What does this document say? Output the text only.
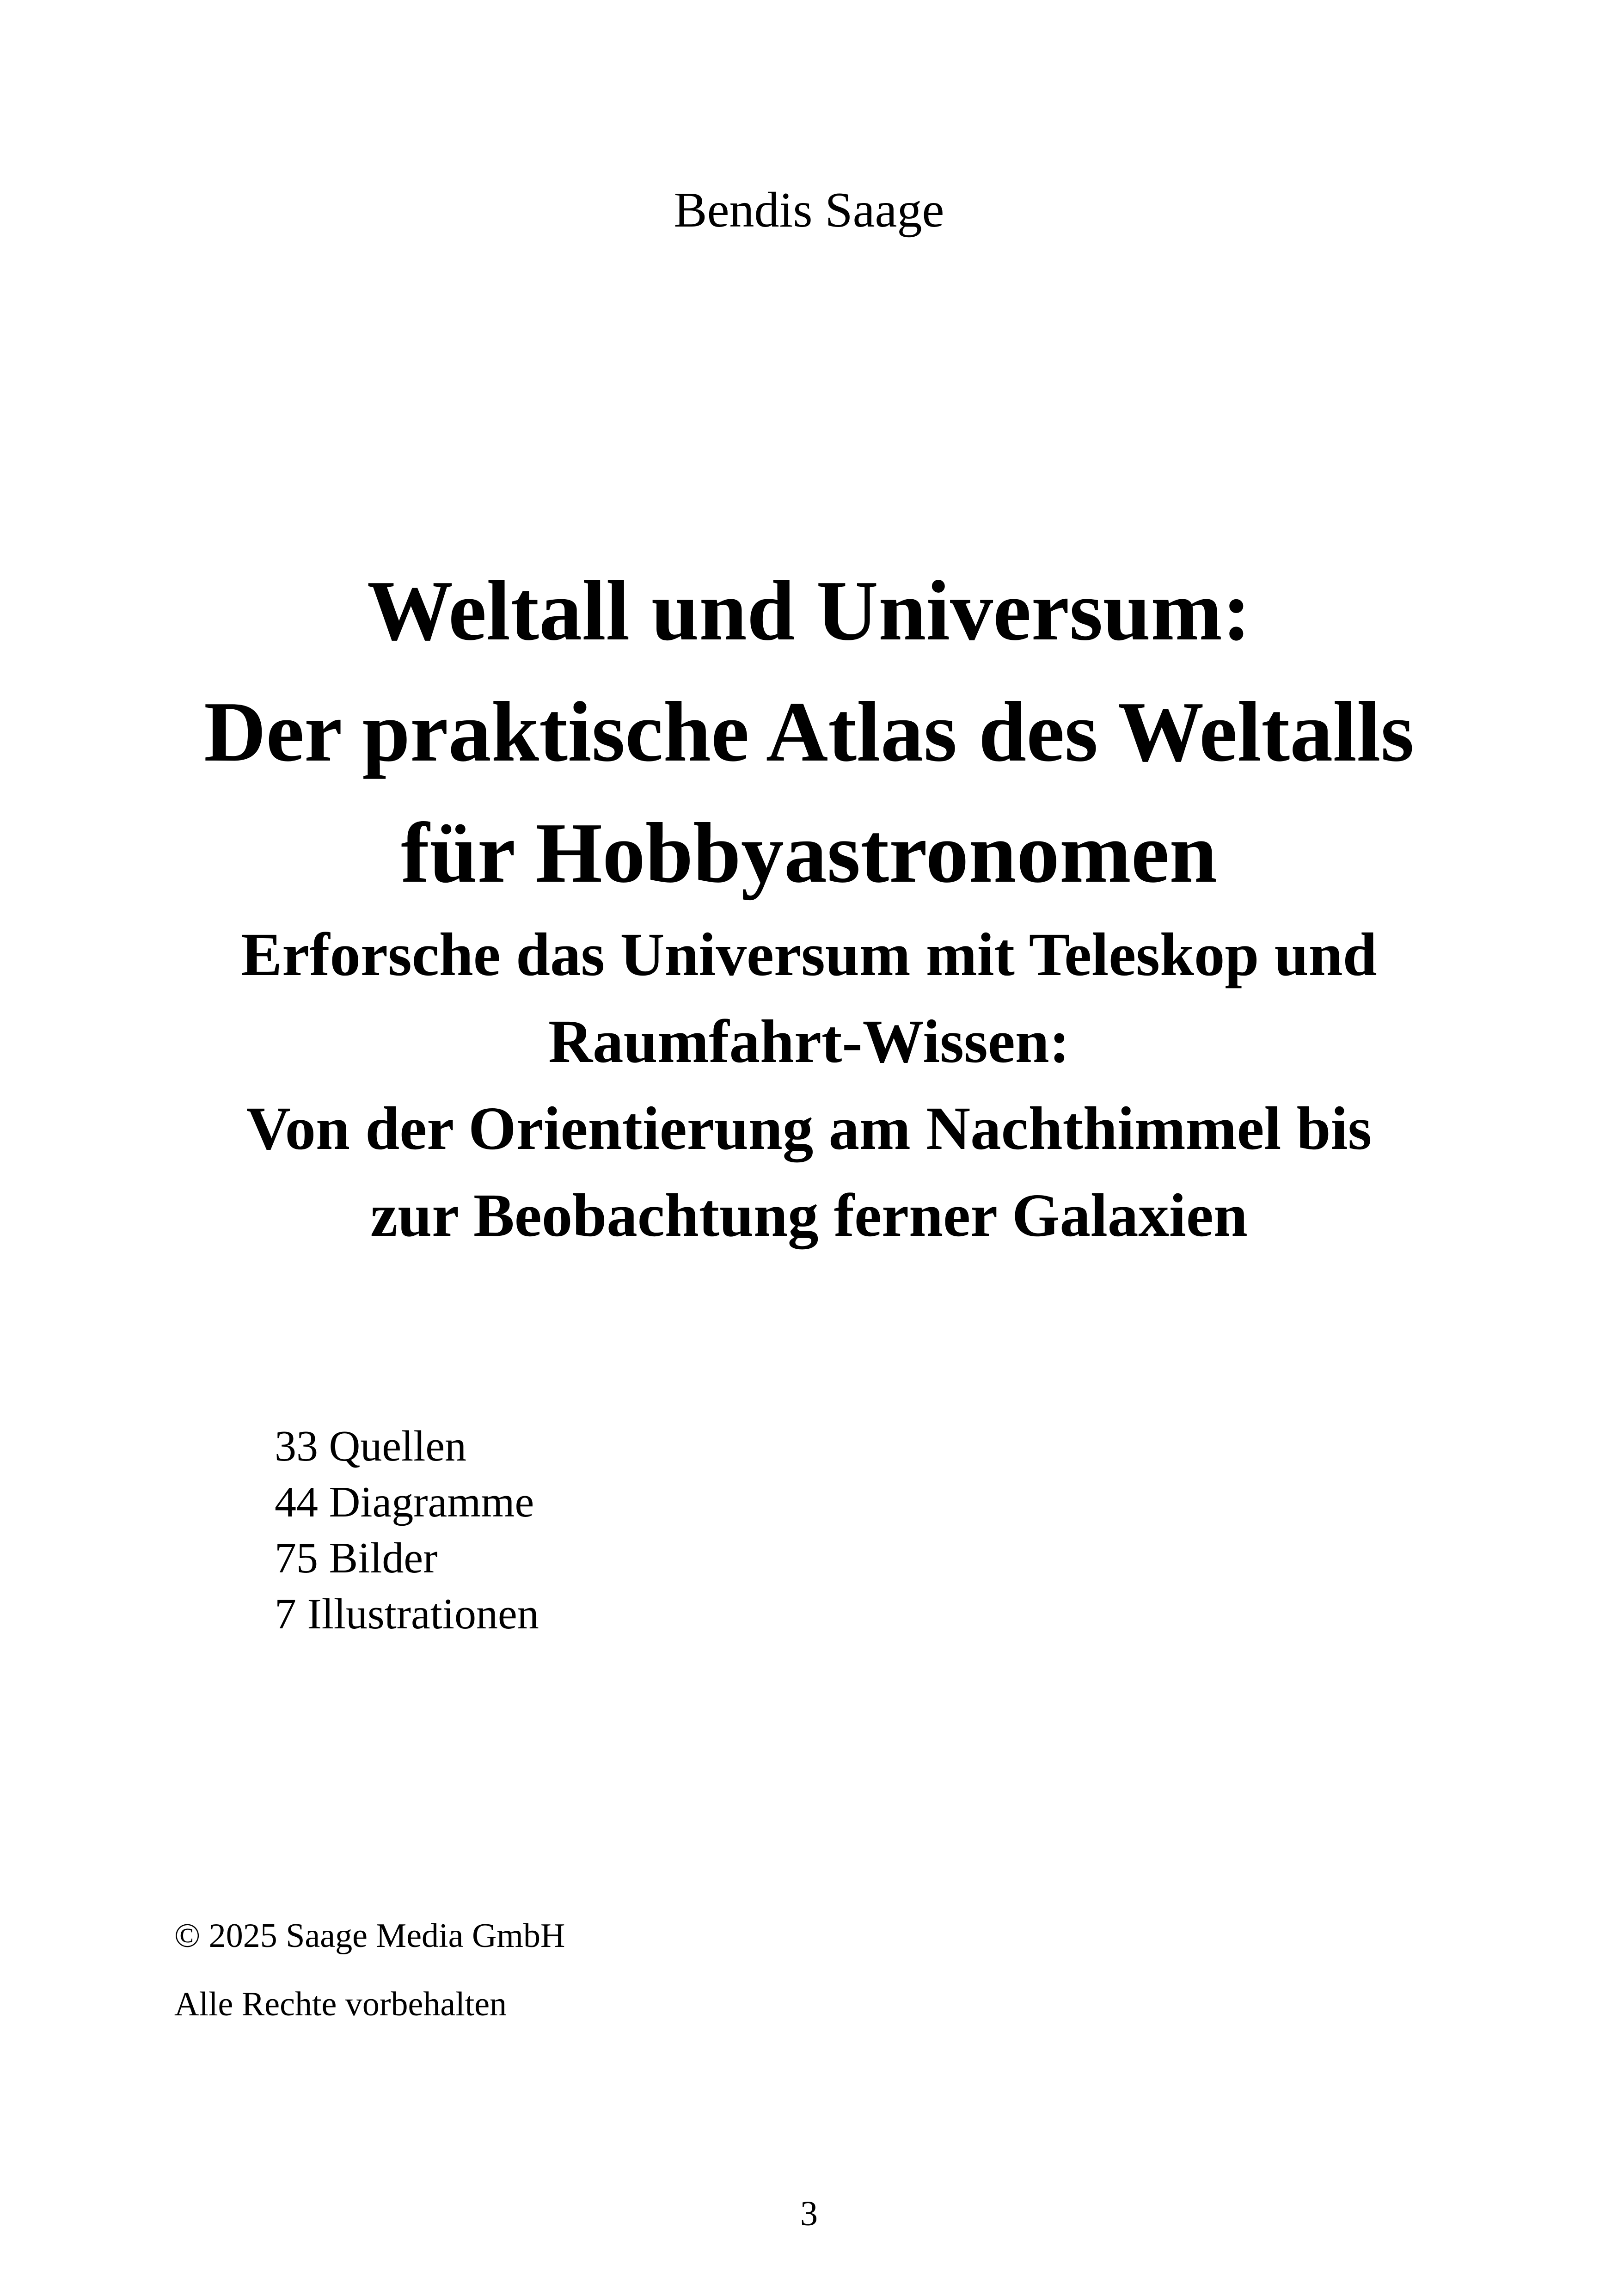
Bendis Saage
Weltall und Universum:
Der praktische Atlas des Weltalls
für Hobbyastronomen
Erforsche das Universum mit Teleskop und
Raumfahrt-Wissen:
Von der Orientierung am Nachthimmel bis
zur Beobachtung ferner Galaxien
33 Quellen
44 Diagramme
75 Bilder
7 Illustrationen
© 2025 Saage Media GmbH
Alle Rechte vorbehalten
3
